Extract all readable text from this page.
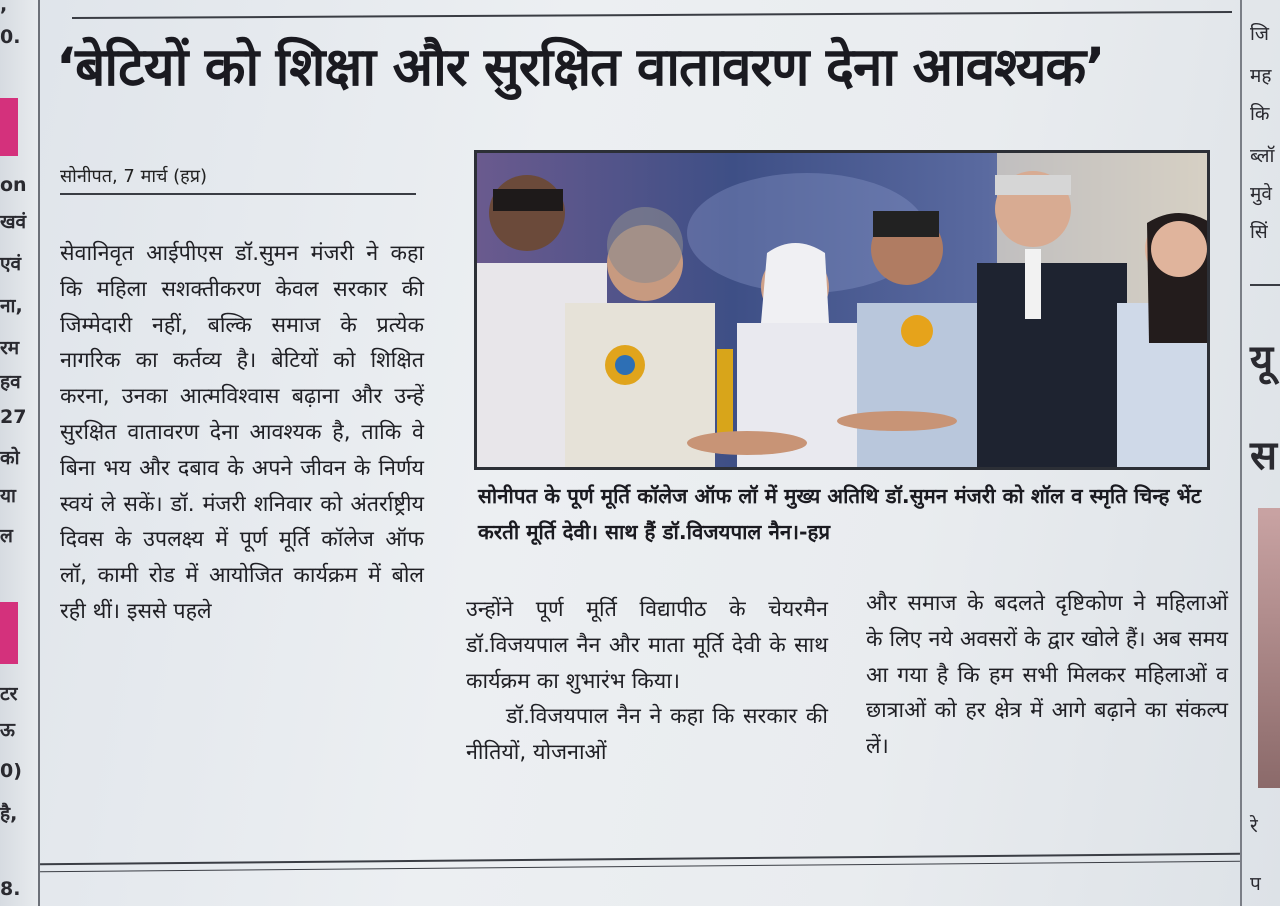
,
0.
on
खवं
एवं
ना,
रम
हव
27
को
या
ल
टर
ऊ
0)
है,
8.
जि
मह
कि
ब्लॉ
मुवे
सिं
यू
स
रे
प
‘बेटियों को शिक्षा और सुरक्षित वातावरण देना आवश्यक’
सोनीपत, 7 मार्च (हप्र)

सेवानिवृत आईपीएस डॉ.सुमन मंजरी ने कहा कि महिला सशक्तीकरण केवल सरकार की जिम्मेदारी नहीं, बल्कि समाज के प्रत्येक नागरिक का कर्तव्य है। बेटियों को शिक्षित करना, उनका आत्मविश्वास बढ़ाना और उन्हें सुरक्षित वातावरण देना आवश्यक है, ताकि वे बिना भय और दबाव के अपने जीवन के निर्णय स्वयं ले सकें। डॉ. मंजरी शनिवार को अंतर्राष्ट्रीय दिवस के उपलक्ष्य में पूर्ण मूर्ति कॉलेज ऑफ लॉ, कामी रोड में आयोजित कार्यक्रम में बोल रही थीं। इससे पहले

सोनीपत के पूर्ण मूर्ति कॉलेज ऑफ लॉ में मुख्य अतिथि डॉ.सुमन मंजरी को शॉल व स्मृति चिन्ह भेंट करती मूर्ति देवी। साथ हैं डॉ.विजयपाल नैन।-हप्र

उन्होंने पूर्ण मूर्ति विद्यापीठ के चेयरमैन डॉ.विजयपाल नैन और माता मूर्ति देवी के साथ कार्यक्रम का शुभारंभ किया।

डॉ.विजयपाल नैन ने कहा कि सरकार की नीतियों, योजनाओं

और समाज के बदलते दृष्टिकोण ने महिलाओं के लिए नये अवसरों के द्वार खोले हैं। अब समय आ गया है कि हम सभी मिलकर महिलाओं व छात्राओं को हर क्षेत्र में आगे बढ़ाने का संकल्प लें।
